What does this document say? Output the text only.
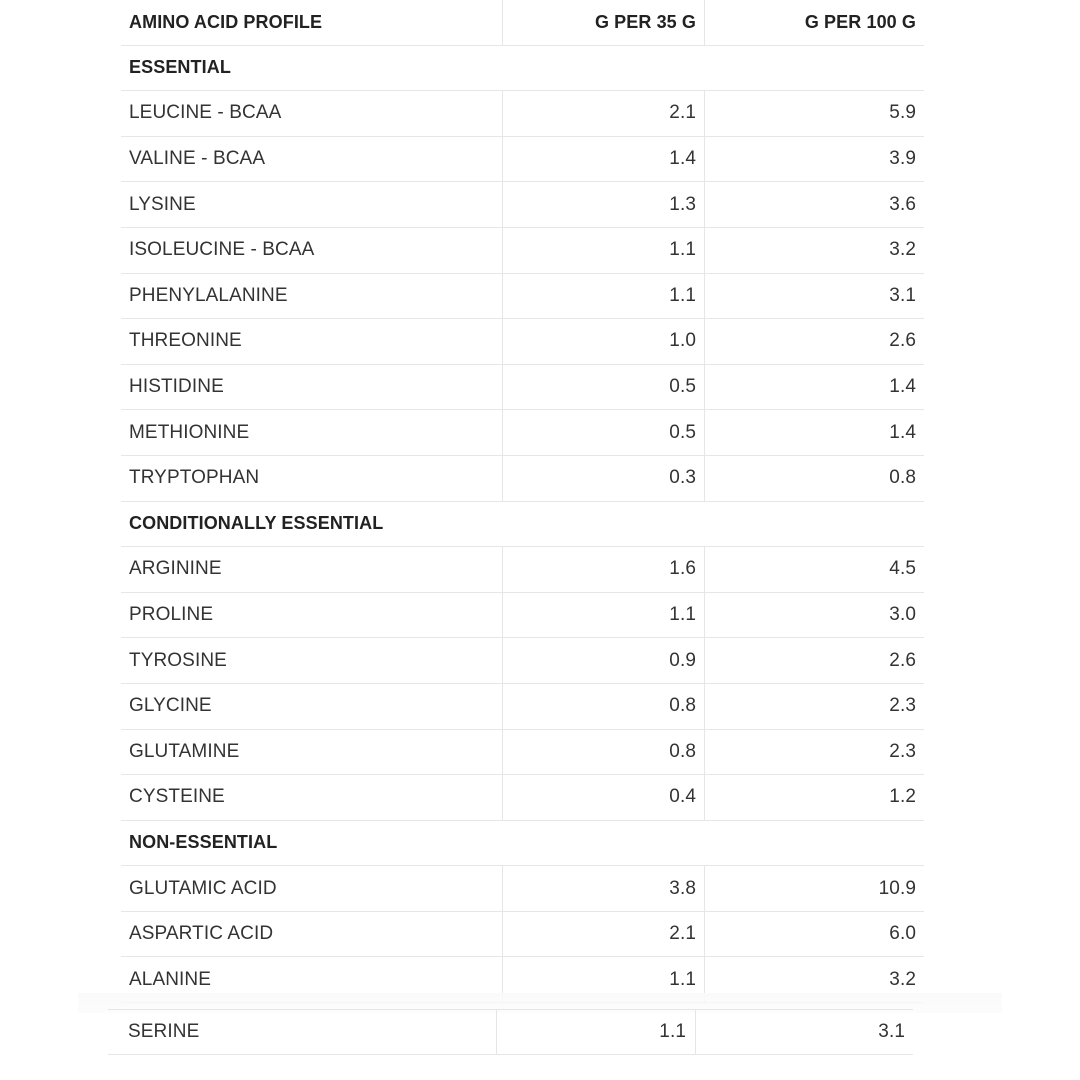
AMINO ACID PROFILE	G PER 35 G	G PER 100 G
ESSENTIAL
LEUCINE - BCAA	2.1	5.9
VALINE - BCAA	1.4	3.9
LYSINE	1.3	3.6
ISOLEUCINE - BCAA	1.1	3.2
PHENYLALANINE	1.1	3.1
THREONINE	1.0	2.6
HISTIDINE	0.5	1.4
METHIONINE	0.5	1.4
TRYPTOPHAN	0.3	0.8
CONDITIONALLY ESSENTIAL
ARGININE	1.6	4.5
PROLINE	1.1	3.0
TYROSINE	0.9	2.6
GLYCINE	0.8	2.3
GLUTAMINE	0.8	2.3
CYSTEINE	0.4	1.2
NON-ESSENTIAL
GLUTAMIC ACID	3.8	10.9
ASPARTIC ACID	2.1	6.0
ALANINE	1.1	3.2
SERINE	1.1	3.1
